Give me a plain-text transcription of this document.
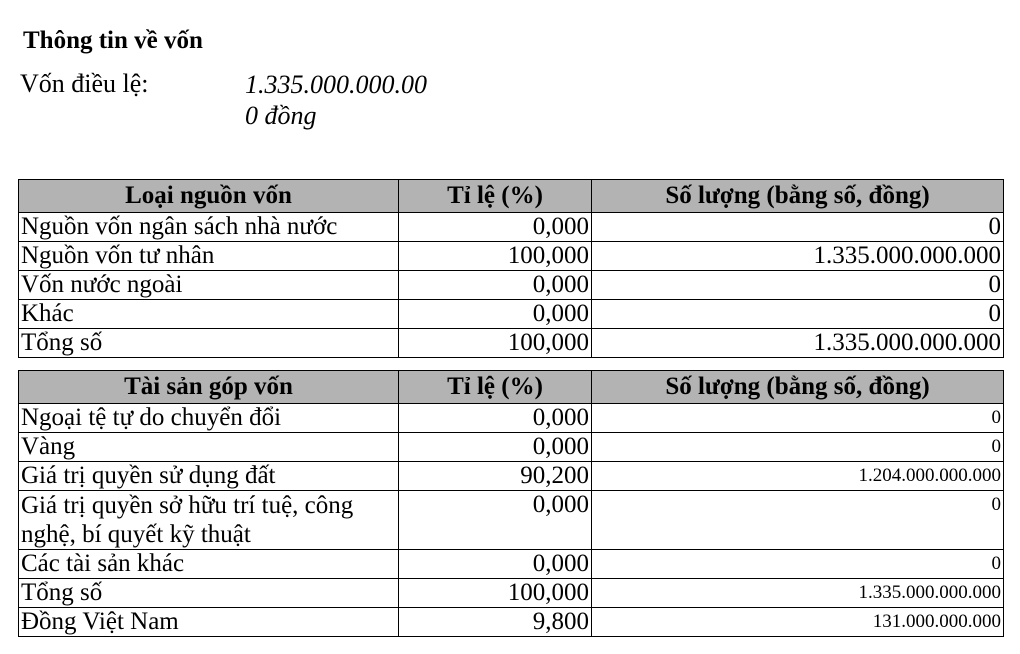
Thông tin về vốn
Vốn điều lệ:	1.335.000.000.00
0 đồng
Loại nguồn vốn	Tỉ lệ (%)	Số lượng (bằng số, đồng)
Nguồn vốn ngân sách nhà nước	0,000	0
Nguồn vốn tư nhân	100,000	1.335.000.000.000
Vốn nước ngoài	0,000	0
Khác	0,000	0
Tổng số	100,000	1.335.000.000.000
Tài sản góp vốn	Tỉ lệ (%)	Số lượng (bằng số, đồng)
Ngoại tệ tự do chuyển đổi	0,000	0
Vàng	0,000	0
Giá trị quyền sử dụng đất	90,200	1.204.000.000.000
Giá trị quyền sở hữu trí tuệ, công nghệ, bí quyết kỹ thuật	0,000	0
Các tài sản khác	0,000	0
Tổng số	100,000	1.335.000.000.000
Đồng Việt Nam	9,800	131.000.000.000
